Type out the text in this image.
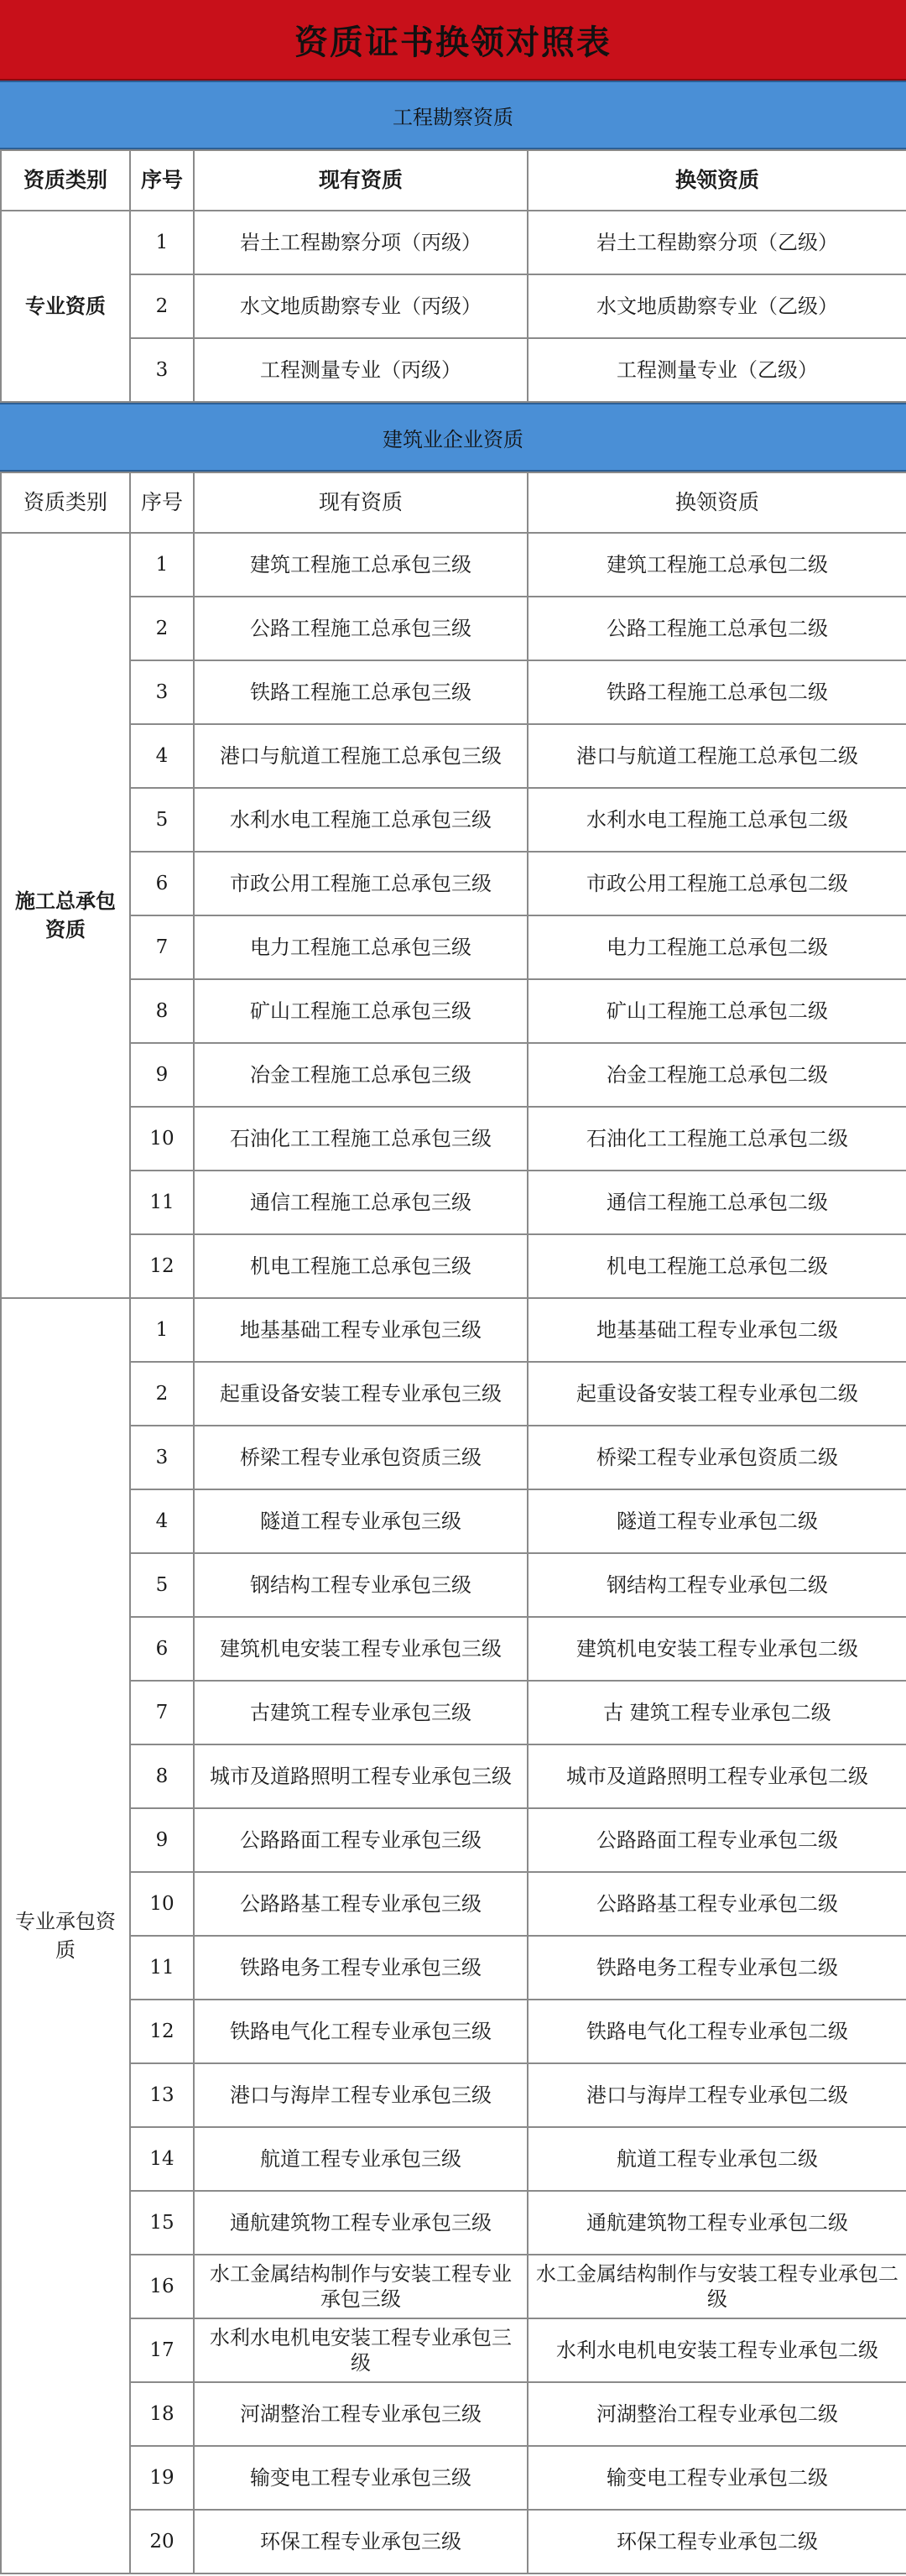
资质证书换领对照表
工程勘察资质
资质类别	序号	现有资质	换领资质
专业资质	1	岩土工程勘察分项（丙级）	岩土工程勘察分项（乙级）
	2	水文地质勘察专业（丙级）	水文地质勘察专业（乙级）
	3	工程测量专业（丙级）	工程测量专业（乙级）
建筑业企业资质
资质类别	序号	现有资质	换领资质
施工总承包资质	1	建筑工程施工总承包三级	建筑工程施工总承包二级
	2	公路工程施工总承包三级	公路工程施工总承包二级
	3	铁路工程施工总承包三级	铁路工程施工总承包二级
	4	港口与航道工程施工总承包三级	港口与航道工程施工总承包二级
	5	水利水电工程施工总承包三级	水利水电工程施工总承包二级
	6	市政公用工程施工总承包三级	市政公用工程施工总承包二级
	7	电力工程施工总承包三级	电力工程施工总承包二级
	8	矿山工程施工总承包三级	矿山工程施工总承包二级
	9	冶金工程施工总承包三级	冶金工程施工总承包二级
	10	石油化工工程施工总承包三级	石油化工工程施工总承包二级
	11	通信工程施工总承包三级	通信工程施工总承包二级
	12	机电工程施工总承包三级	机电工程施工总承包二级
专业承包资质	1	地基基础工程专业承包三级	地基基础工程专业承包二级
	2	起重设备安装工程专业承包三级	起重设备安装工程专业承包二级
	3	桥梁工程专业承包资质三级	桥梁工程专业承包资质二级
	4	隧道工程专业承包三级	隧道工程专业承包二级
	5	钢结构工程专业承包三级	钢结构工程专业承包二级
	6	建筑机电安装工程专业承包三级	建筑机电安装工程专业承包二级
	7	古建筑工程专业承包三级	古 建筑工程专业承包二级
	8	城市及道路照明工程专业承包三级	城市及道路照明工程专业承包二级
	9	公路路面工程专业承包三级	公路路面工程专业承包二级
	10	公路路基工程专业承包三级	公路路基工程专业承包二级
	11	铁路电务工程专业承包三级	铁路电务工程专业承包二级
	12	铁路电气化工程专业承包三级	铁路电气化工程专业承包二级
	13	港口与海岸工程专业承包三级	港口与海岸工程专业承包二级
	14	航道工程专业承包三级	航道工程专业承包二级
	15	通航建筑物工程专业承包三级	通航建筑物工程专业承包二级
	16	水工金属结构制作与安装工程专业承包三级	水工金属结构制作与安装工程专业承包二级
	17	水利水电机电安装工程专业承包三级	水利水电机电安装工程专业承包二级
	18	河湖整治工程专业承包三级	河湖整治工程专业承包二级
	19	输变电工程专业承包三级	输变电工程专业承包二级
	20	环保工程专业承包三级	环保工程专业承包二级
